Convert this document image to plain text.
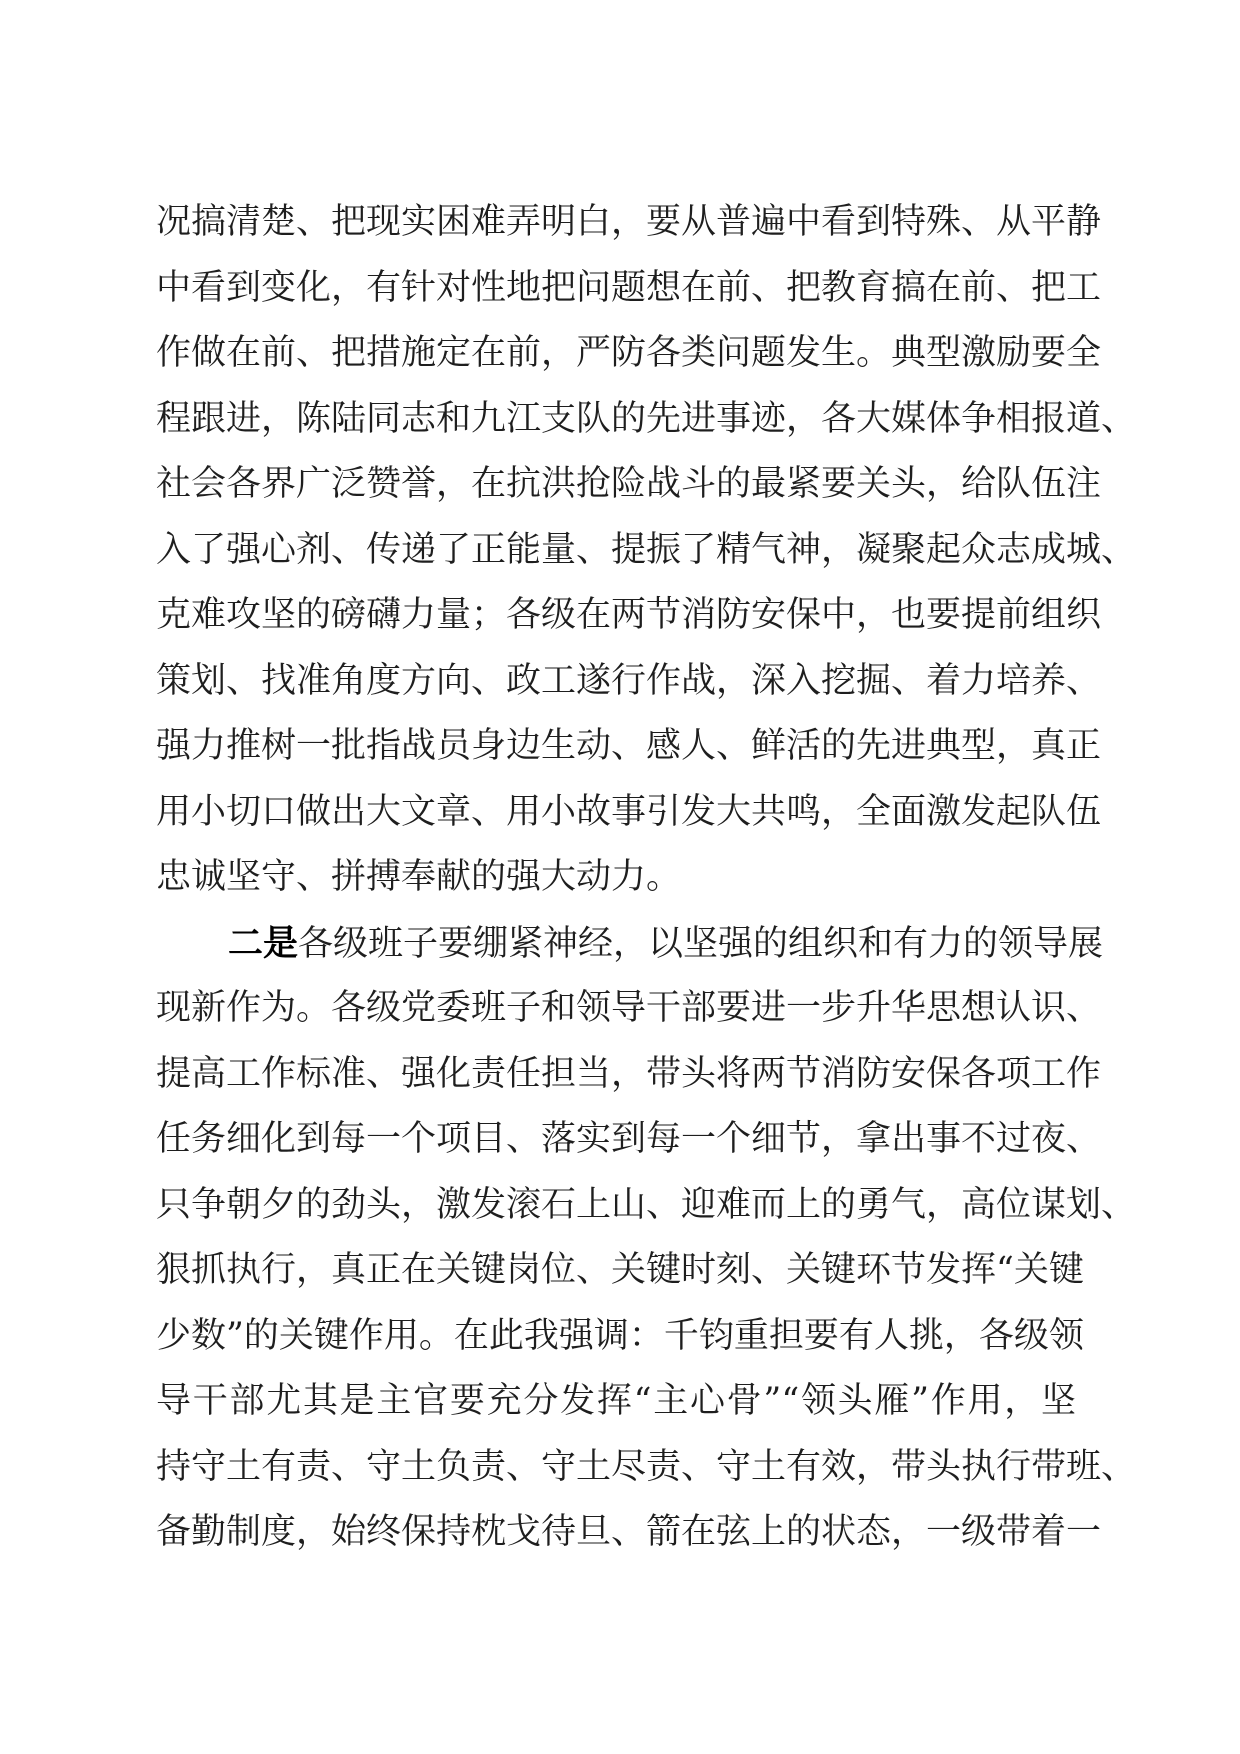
况搞清楚、把现实困难弄明白，要从普遍中看到特殊、从平静
中看到变化，有针对性地把问题想在前、把教育搞在前、把工
作做在前、把措施定在前，严防各类问题发生。典型激励要全
程跟进，陈陆同志和九江支队的先进事迹，各大媒体争相报道、
社会各界广泛赞誉，在抗洪抢险战斗的最紧要关头，给队伍注
入了强心剂、传递了正能量、提振了精气神，凝聚起众志成城、
克难攻坚的磅礴力量；各级在两节消防安保中，也要提前组织
策划、找准角度方向、政工遂行作战，深入挖掘、着力培养、
强力推树一批指战员身边生动、感人、鲜活的先进典型，真正
用小切口做出大文章、用小故事引发大共鸣，全面激发起队伍
忠诚坚守、拼搏奉献的强大动力。
二是各级班子要绷紧神经，以坚强的组织和有力的领导展
现新作为。各级党委班子和领导干部要进一步升华思想认识、
提高工作标准、强化责任担当，带头将两节消防安保各项工作
任务细化到每一个项目、落实到每一个细节，拿出事不过夜、
只争朝夕的劲头，激发滚石上山、迎难而上的勇气，高位谋划、
狠抓执行，真正在关键岗位、关键时刻、关键环节发挥“关键
少数”的关键作用。在此我强调：千钧重担要有人挑，各级领
导干部尤其是主官要充分发挥“主心骨”“领头雁”作用，坚
持守土有责、守土负责、守土尽责、守土有效，带头执行带班、
备勤制度，始终保持枕戈待旦、箭在弦上的状态，一级带着一
